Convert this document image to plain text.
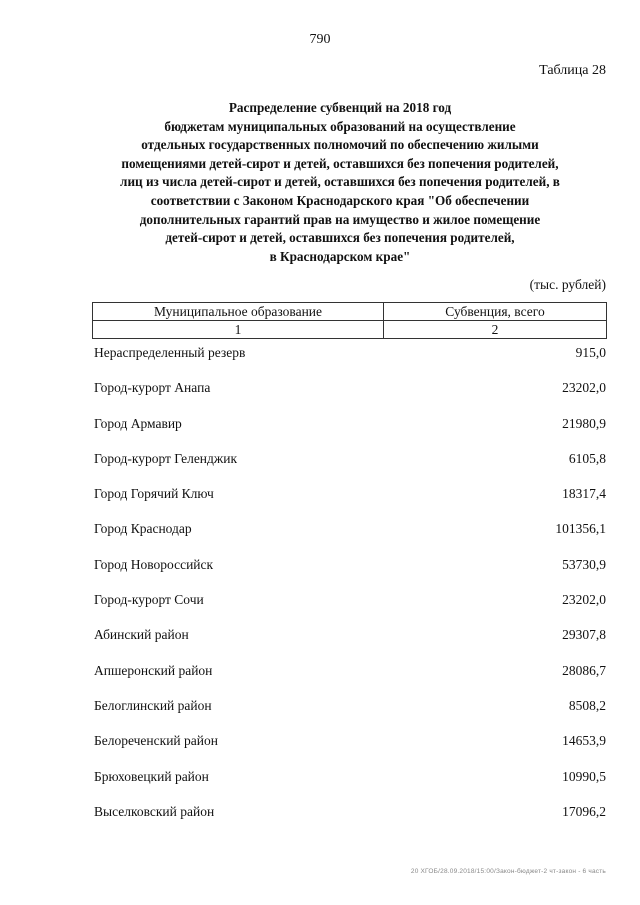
790
Таблица 28
Распределение субвенций на 2018 год
бюджетам муниципальных образований на осуществление
отдельных государственных полномочий по обеспечению жилыми
помещениями детей-сирот и детей, оставшихся без попечения родителей,
лиц из числа детей-сирот и детей, оставшихся без попечения родителей, в
соответствии с Законом Краснодарского края "Об обеспечении
дополнительных гарантий прав на имущество и жилое помещение
детей-сирот и детей, оставшихся без попечения родителей,
в Краснодарском крае"
(тыс. рублей)
Муниципальное образование	Субвенция, всего
1	2
Нераспределенный резерв	915,0
Город-курорт Анапа	23202,0
Город Армавир	21980,9
Город-курорт Геленджик	6105,8
Город Горячий Ключ	18317,4
Город Краснодар	101356,1
Город Новороссийск	53730,9
Город-курорт Сочи	23202,0
Абинский район	29307,8
Апшеронский район	28086,7
Белоглинский район	8508,2
Белореченский район	14653,9
Брюховецкий район	10990,5
Выселковский район	17096,2
20 ХГОБ/28.09.2018/15:00/Закон-бюджет-2 чт-закон - 6 часть
